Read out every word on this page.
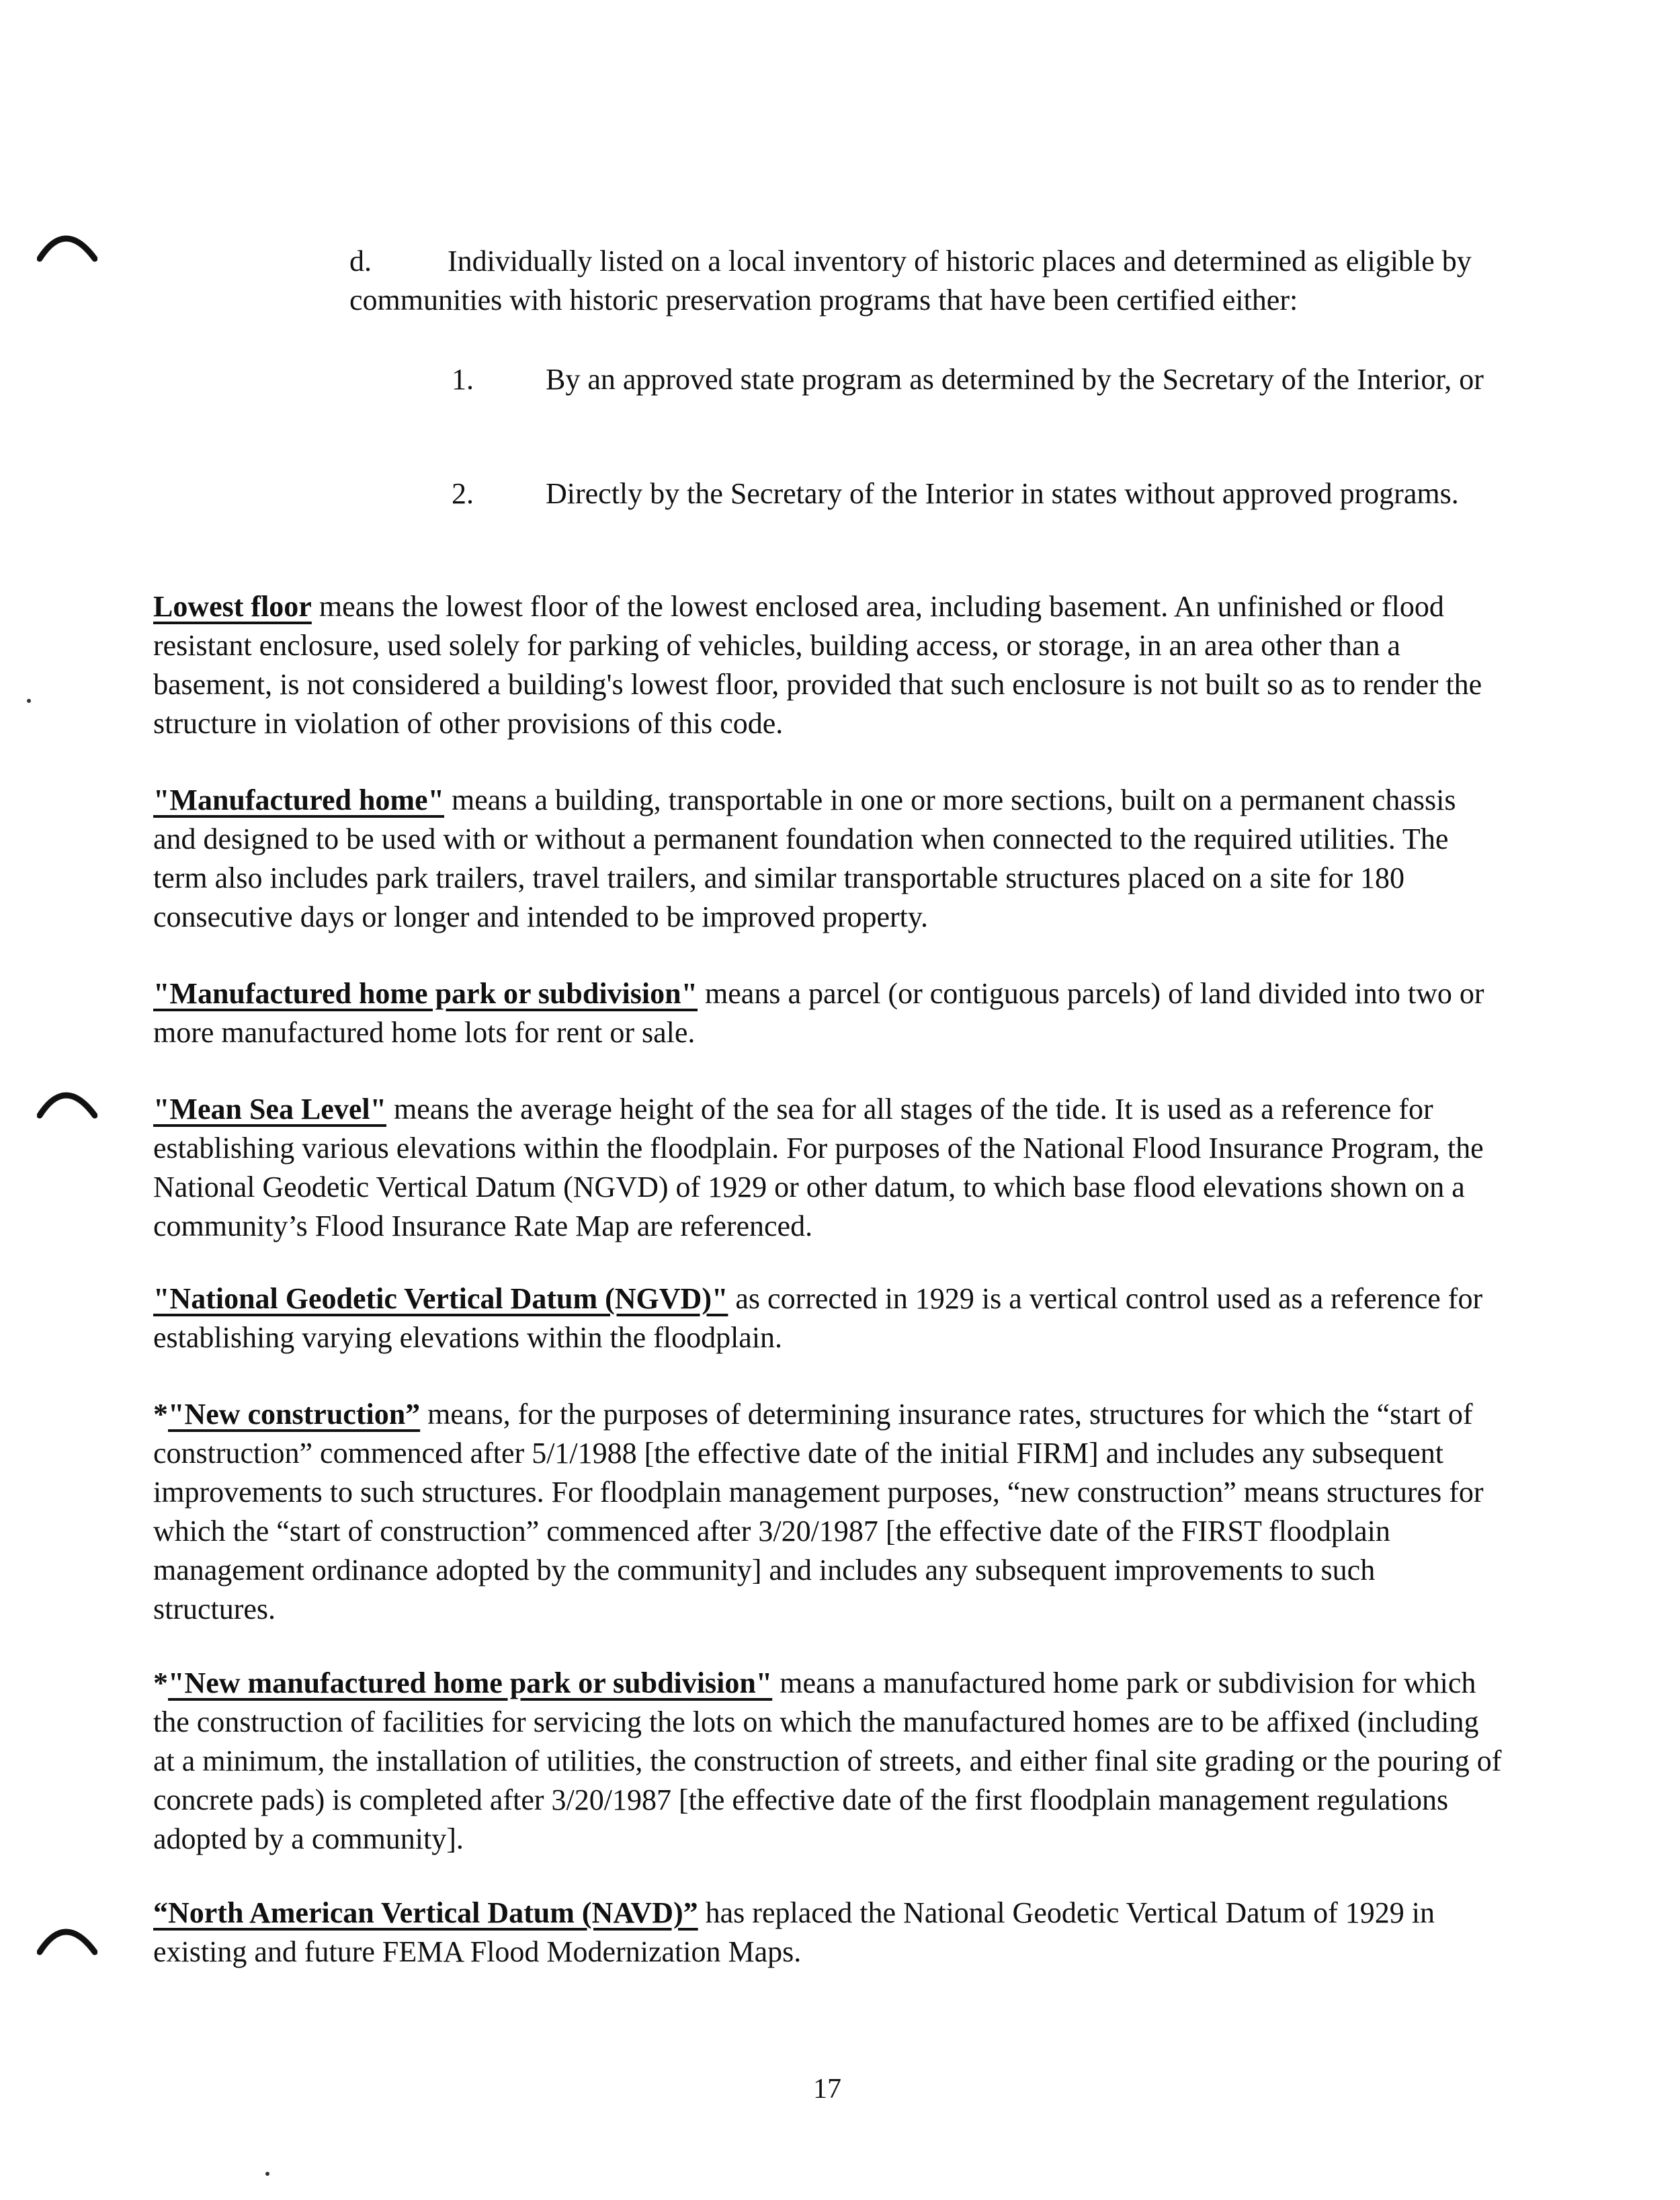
d.	Individually listed on a local inventory of historic places and determined as eligible by communities with historic preservation programs that have been certified either:
1. By an approved state program as determined by the Secretary of the Interior, or
2. Directly by the Secretary of the Interior in states without approved programs.
Lowest floor means the lowest floor of the lowest enclosed area, including basement. An unfinished or flood resistant enclosure, used solely for parking of vehicles, building access, or storage, in an area other than a basement, is not considered a building's lowest floor, provided that such enclosure is not built so as to render the structure in violation of other provisions of this code.
"Manufactured home" means a building, transportable in one or more sections, built on a permanent chassis and designed to be used with or without a permanent foundation when connected to the required utilities. The term also includes park trailers, travel trailers, and similar transportable structures placed on a site for 180 consecutive days or longer and intended to be improved property.
"Manufactured home park or subdivision" means a parcel (or contiguous parcels) of land divided into two or more manufactured home lots for rent or sale.
"Mean Sea Level" means the average height of the sea for all stages of the tide. It is used as a reference for establishing various elevations within the floodplain. For purposes of the National Flood Insurance Program, the National Geodetic Vertical Datum (NGVD) of 1929 or other datum, to which base flood elevations shown on a community’s Flood Insurance Rate Map are referenced.
"National Geodetic Vertical Datum (NGVD)" as corrected in 1929 is a vertical control used as a reference for establishing varying elevations within the floodplain.
*"New construction” means, for the purposes of determining insurance rates, structures for which the “start of construction” commenced after 5/1/1988 [the effective date of the initial FIRM] and includes any subsequent improvements to such structures. For floodplain management purposes, “new construction” means structures for which the “start of construction” commenced after 3/20/1987 [the effective date of the FIRST floodplain management ordinance adopted by the community] and includes any subsequent improvements to such structures.
*"New manufactured home park or subdivision" means a manufactured home park or subdivision for which the construction of facilities for servicing the lots on which the manufactured homes are to be affixed (including at a minimum, the installation of utilities, the construction of streets, and either final site grading or the pouring of concrete pads) is completed after 3/20/1987 [the effective date of the first floodplain management regulations adopted by a community].
“North American Vertical Datum (NAVD)” has replaced the National Geodetic Vertical Datum of 1929 in existing and future FEMA Flood Modernization Maps.
17
